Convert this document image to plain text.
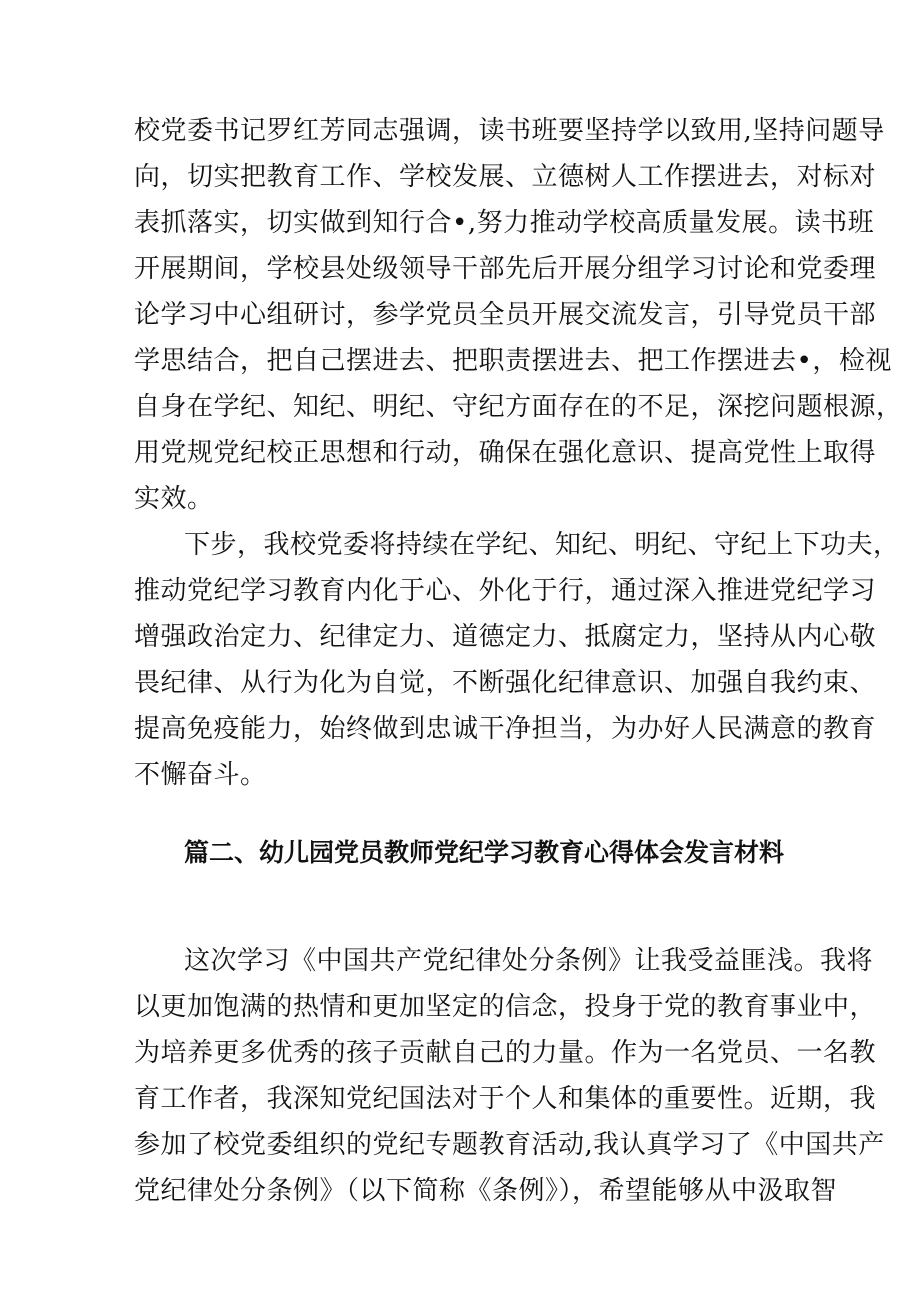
校党委书记罗红芳同志强调，读书班要坚持学以致用,坚持问题导

向，切实把教育工作、学校发展、立德树人工作摆进去，对标对

表抓落实，切实做到知行合•,努力推动学校高质量发展。读书班

开展期间，学校县处级领导干部先后开展分组学习讨论和党委理

论学习中心组研讨，参学党员全员开展交流发言，引导党员干部

学思结合，把自己摆进去、把职责摆进去、把工作摆进去•，检视

自身在学纪、知纪、明纪、守纪方面存在的不足，深挖问题根源，

用党规党纪校正思想和行动，确保在强化意识、提高党性上取得

实效。

下步，我校党委将持续在学纪、知纪、明纪、守纪上下功夫，

推动党纪学习教育内化于心、外化于行，通过深入推进党纪学习

增强政治定力、纪律定力、道德定力、抵腐定力，坚持从内心敬

畏纪律、从行为化为自觉，不断强化纪律意识、加强自我约束、

提高免疫能力，始终做到忠诚干净担当，为办好人民满意的教育

不懈奋斗。

篇二、幼儿园党员教师党纪学习教育心得体会发言材料

这次学习《中国共产党纪律处分条例》让我受益匪浅。我将

以更加饱满的热情和更加坚定的信念，投身于党的教育事业中，

为培养更多优秀的孩子贡献自己的力量。作为一名党员、一名教

育工作者，我深知党纪国法对于个人和集体的重要性。近期，我

参加了校党委组织的党纪专题教育活动,我认真学习了《中国共产

党纪律处分条例》（以下简称《条例》），希望能够从中汲取智
